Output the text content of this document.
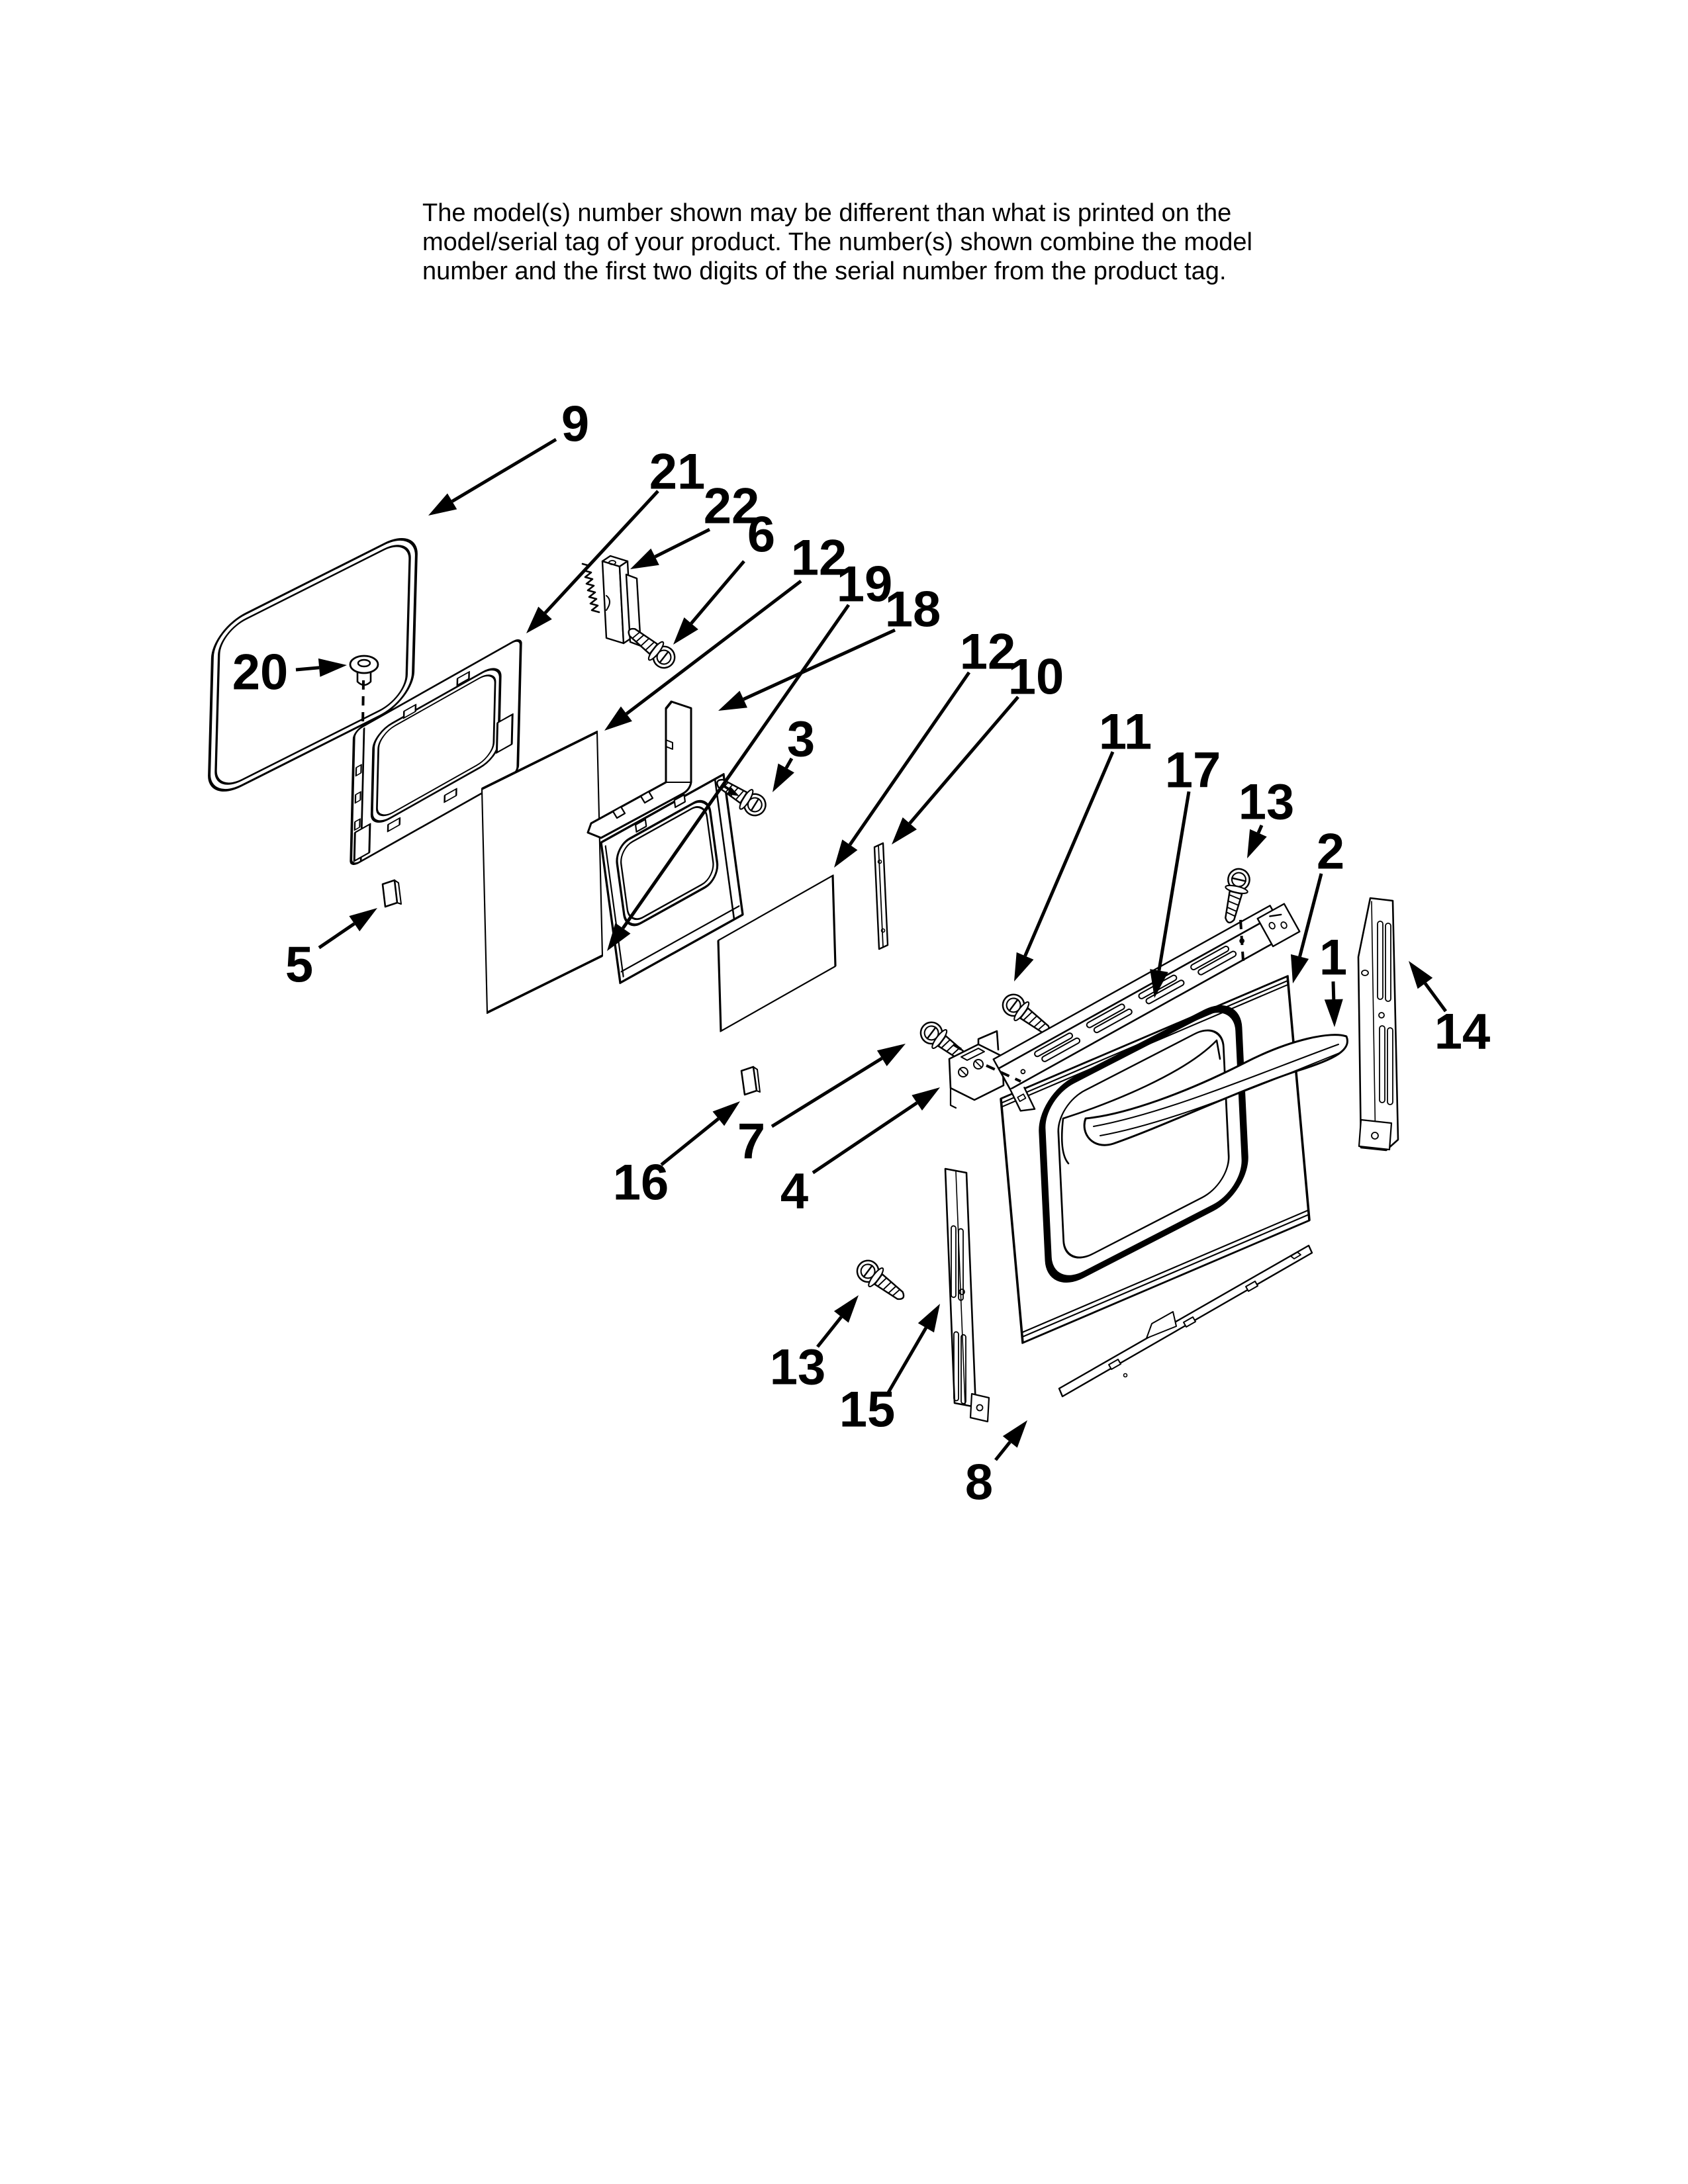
The model(s) number shown may be different than what is printed on the
model/serial tag of your product. The number(s) shown combine the model
number and the first two digits of the serial number from the product tag.
9
21
22
6 12
19
18
12
10
3	11
17
13
2
1
14
20
5
16
7
4
13
15
8
